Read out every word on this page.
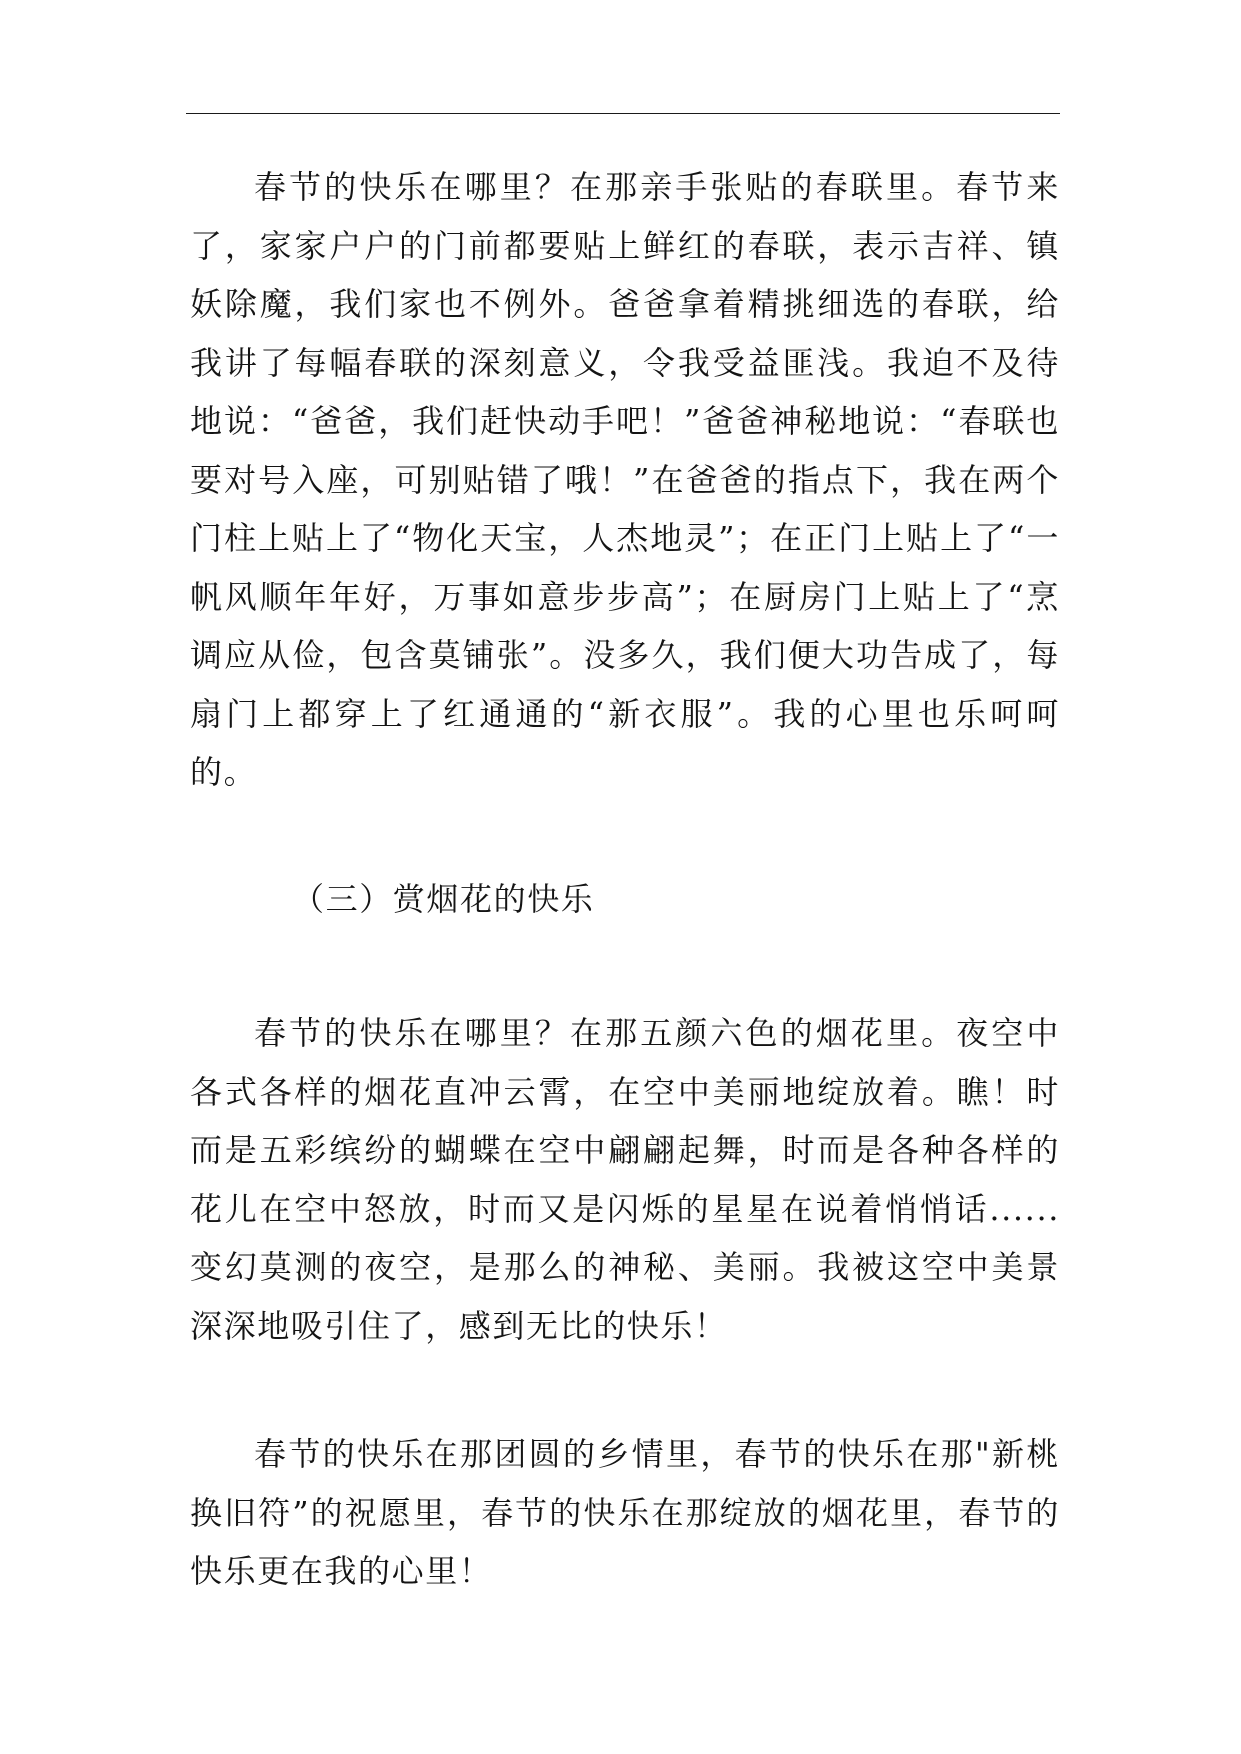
春节的快乐在哪里？在那亲手张贴的春联里。春节来了，家家户户的门前都要贴上鲜红的春联，表示吉祥、镇妖除魔，我们家也不例外。爸爸拿着精挑细选的春联，给我讲了每幅春联的深刻意义，令我受益匪浅。我迫不及待地说：“爸爸，我们赶快动手吧！”爸爸神秘地说：“春联也要对号入座，可别贴错了哦！”在爸爸的指点下，我在两个门柱上贴上了“物化天宝，人杰地灵”；在正门上贴上了“一帆风顺年年好，万事如意步步高”；在厨房门上贴上了“烹调应从俭，包含莫铺张”。没多久，我们便大功告成了，每扇门上都穿上了红通通的“新衣服”。我的心里也乐呵呵的。

（三）赏烟花的快乐

春节的快乐在哪里？在那五颜六色的烟花里。夜空中各式各样的烟花直冲云霄，在空中美丽地绽放着。瞧！时而是五彩缤纷的蝴蝶在空中翩翩起舞，时而是各种各样的花儿在空中怒放，时而又是闪烁的星星在说着悄悄话......变幻莫测的夜空，是那么的神秘、美丽。我被这空中美景深深地吸引住了，感到无比的快乐！

春节的快乐在那团圆的乡情里，春节的快乐在那"新桃换旧符”的祝愿里，春节的快乐在那绽放的烟花里，春节的快乐更在我的心里！
